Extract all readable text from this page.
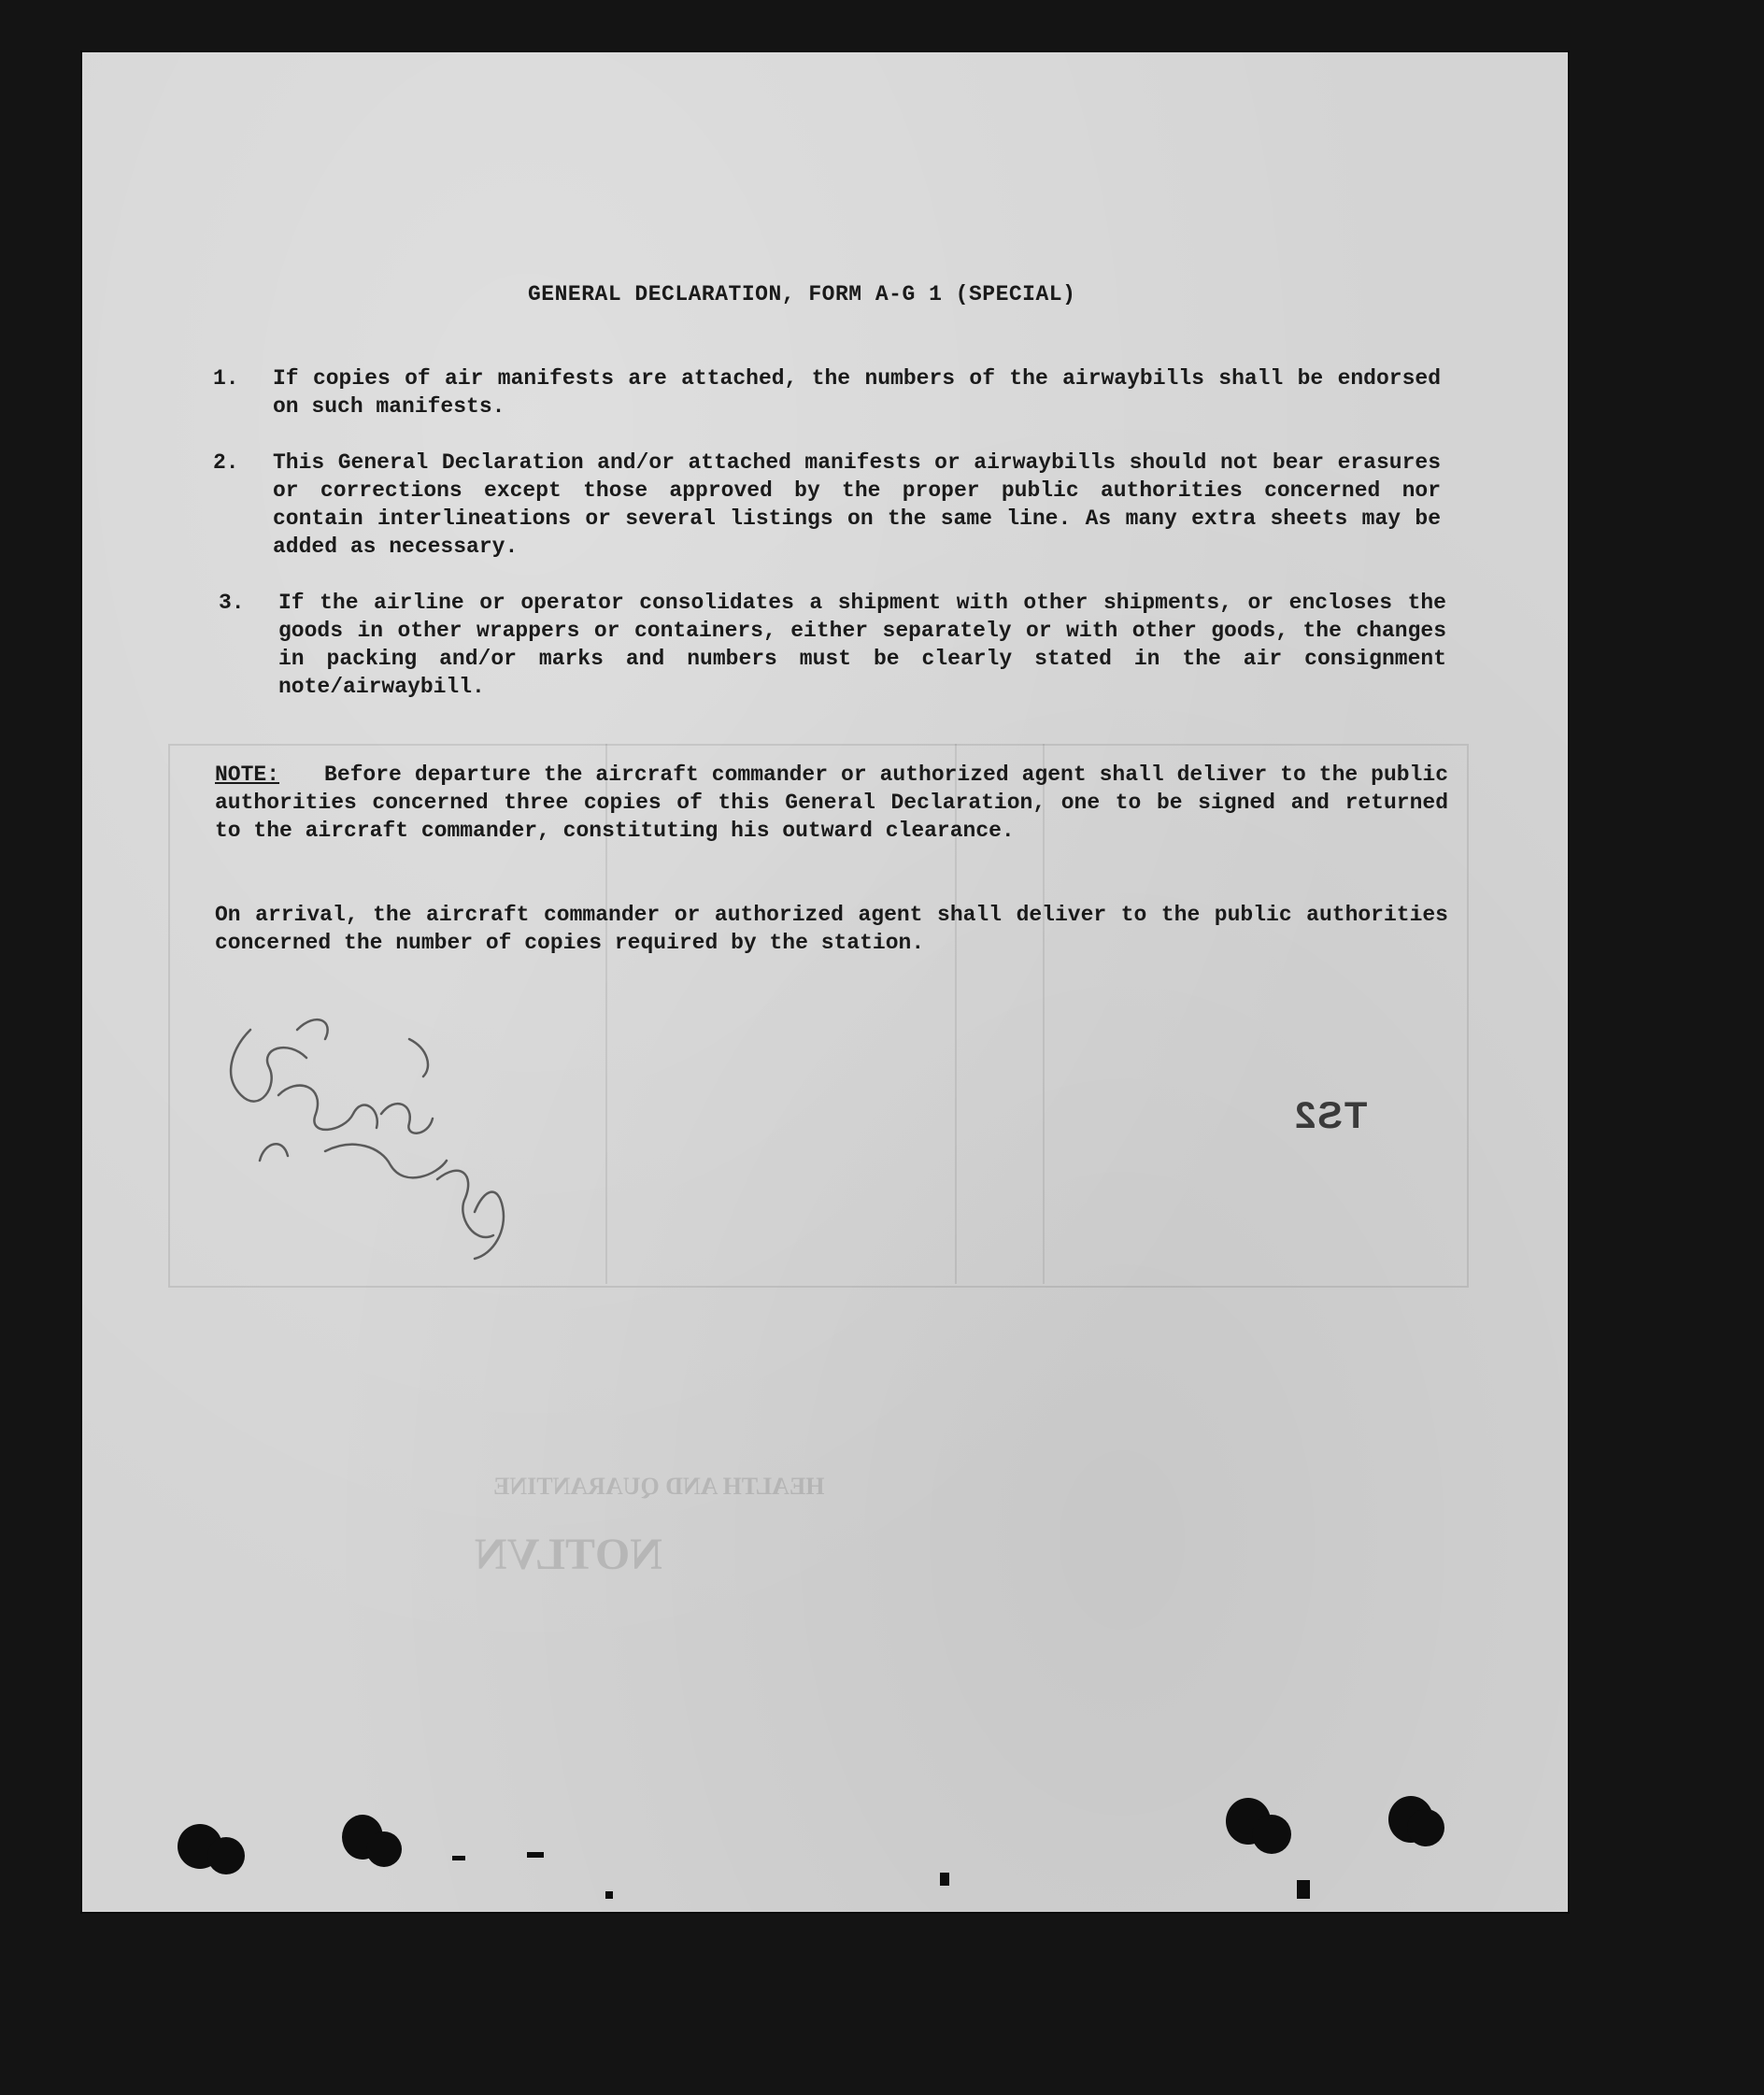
NOTLVN
HEALTH AND QUARANTINE
GENERAL DECLARATION, FORM A-G 1 (SPECIAL)
1. If copies of air manifests are attached, the numbers of the airwaybills shall be endorsed on such manifests.
2. This General Declaration and/or attached manifests or airwaybills should not bear erasures or corrections except those approved by the proper public authorities concerned nor contain interlineations or several listings on the same line. As many extra sheets may be added as necessary.
3. If the airline or operator consolidates a shipment with other shipments, or encloses the goods in other wrappers or containers, either separately or with other goods, the changes in packing and/or marks and numbers must be clearly stated in the air consignment note/airwaybill.
NOTE: Before departure the aircraft commander or authorized agent shall deliver to the public authorities concerned three copies of this General Declaration, one to be signed and returned to the aircraft commander, constituting his outward clearance.
On arrival, the aircraft commander or authorized agent shall deliver to the public authorities concerned the number of copies required by the station.
TS2
